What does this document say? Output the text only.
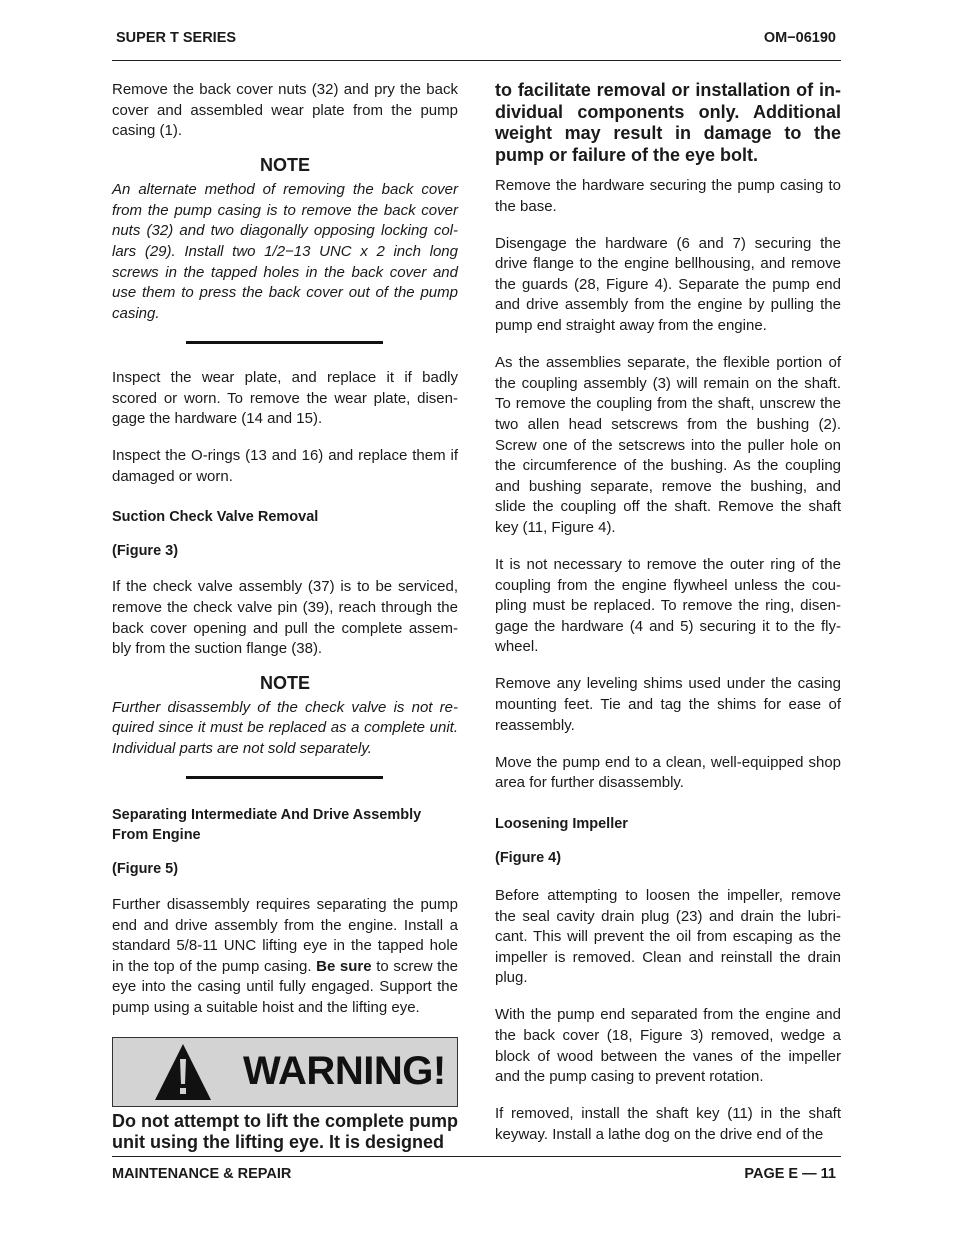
SUPER T SERIES	OM−06190

Remove the back cover nuts (32) and pry the back cover and assembled wear plate from the pump casing (1).

NOTE

An alternate method of removing the back cover from the pump casing is to remove the back cover nuts (32) and two diagonally opposing locking col-lars (29). Install two 1/2−13 UNC x 2 inch long screws in the tapped holes in the back cover and use them to press the back cover out of the pump casing.

Inspect the wear plate, and replace it if badly scored or worn. To remove the wear plate, disen-gage the hardware (14 and 15).

Inspect the O-rings (13 and 16) and replace them if damaged or worn.

Suction Check Valve Removal
(Figure 3)

If the check valve assembly (37) is to be serviced, remove the check valve pin (39), reach through the back cover opening and pull the complete assem-bly from the suction flange (38).

NOTE

Further disassembly of the check valve is not re-quired since it must be replaced as a complete unit. Individual parts are not sold separately.

Separating Intermediate And Drive Assembly From Engine
(Figure 5)

Further disassembly requires separating the pump end and drive assembly from the engine. Install a standard 5/8-11 UNC lifting eye in the tapped hole in the top of the pump casing. Be sure to screw the eye into the casing until fully engaged. Support the pump using a suitable hoist and the lifting eye.

WARNING!

Do not attempt to lift the complete pump unit using the lifting eye. It is designed

to facilitate removal or installation of in-dividual components only. Additional weight may result in damage to the pump or failure of the eye bolt.

Remove the hardware securing the pump casing to the base.

Disengage the hardware (6 and 7) securing the drive flange to the engine bellhousing, and remove the guards (28, Figure 4). Separate the pump end and drive assembly from the engine by pulling the pump end straight away from the engine.

As the assemblies separate, the flexible portion of the coupling assembly (3) will remain on the shaft. To remove the coupling from the shaft, unscrew the two allen head setscrews from the bushing (2). Screw one of the setscrews into the puller hole on the circumference of the bushing. As the coupling and bushing separate, remove the bushing, and slide the coupling off the shaft. Remove the shaft key (11, Figure 4).

It is not necessary to remove the outer ring of the coupling from the engine flywheel unless the cou-pling must be replaced. To remove the ring, disen-gage the hardware (4 and 5) securing it to the fly-wheel.

Remove any leveling shims used under the casing mounting feet. Tie and tag the shims for ease of reassembly.

Move the pump end to a clean, well-equipped shop area for further disassembly.

Loosening Impeller
(Figure 4)

Before attempting to loosen the impeller, remove the seal cavity drain plug (23) and drain the lubri-cant. This will prevent the oil from escaping as the impeller is removed. Clean and reinstall the drain plug.

With the pump end separated from the engine and the back cover (18, Figure 3) removed, wedge a block of wood between the vanes of the impeller and the pump casing to prevent rotation.

If removed, install the shaft key (11) in the shaft keyway. Install a lathe dog on the drive end of the

MAINTENANCE & REPAIR	PAGE E — 11
